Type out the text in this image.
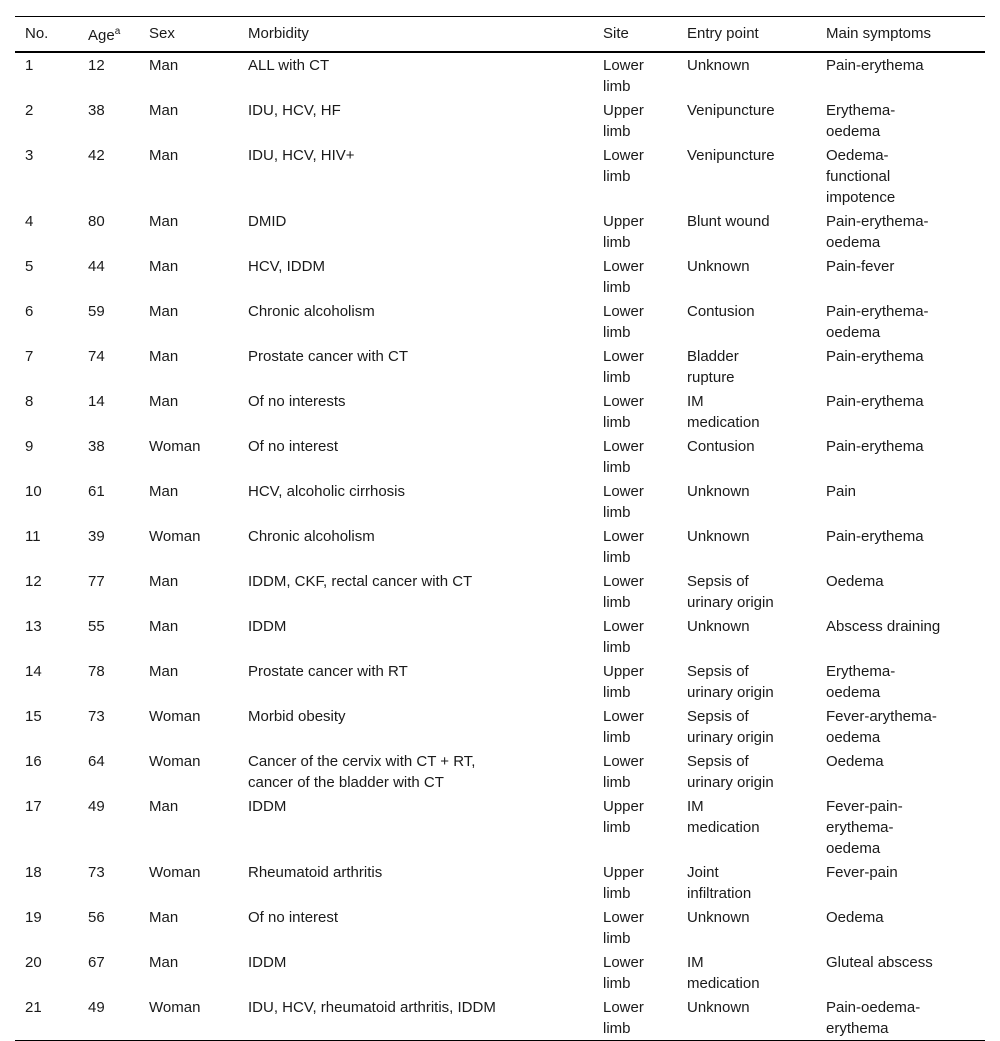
No.	Age$^a$	Sex	Morbidity	Site	Entry point	Main symptoms
1	12	Man	ALL with CT	Lower
limb	Unknown	Pain-erythema
2	38	Man	IDU, HCV, HF	Upper
limb	Venipuncture	Erythema-
oedema
3	42	Man	IDU, HCV, HIV+	Lower
limb	Venipuncture	Oedema-
functional
impotence
4	80	Man	DMID	Upper
limb	Blunt wound	Pain-erythema-
oedema
5	44	Man	HCV, IDDM	Lower
limb	Unknown	Pain-fever
6	59	Man	Chronic alcoholism	Lower
limb	Contusion	Pain-erythema-
oedema
7	74	Man	Prostate cancer with CT	Lower
limb	Bladder
rupture	Pain-erythema
8	14	Man	Of no interests	Lower
limb	IM
medication	Pain-erythema
9	38	Woman	Of no interest	Lower
limb	Contusion	Pain-erythema
10	61	Man	HCV, alcoholic cirrhosis	Lower
limb	Unknown	Pain
11	39	Woman	Chronic alcoholism	Lower
limb	Unknown	Pain-erythema
12	77	Man	IDDM, CKF, rectal cancer with CT	Lower
limb	Sepsis of
urinary origin	Oedema
13	55	Man	IDDM	Lower
limb	Unknown	Abscess draining
14	78	Man	Prostate cancer with RT	Upper
limb	Sepsis of
urinary origin	Erythema-
oedema
15	73	Woman	Morbid obesity	Lower
limb	Sepsis of
urinary origin	Fever-arythema-
oedema
16	64	Woman	Cancer of the cervix with CT + RT,
cancer of the bladder with CT	Lower
limb	Sepsis of
urinary origin	Oedema
17	49	Man	IDDM	Upper
limb	IM
medication	Fever-pain-
erythema-
oedema
18	73	Woman	Rheumatoid arthritis	Upper
limb	Joint
infiltration	Fever-pain
19	56	Man	Of no interest	Lower
limb	Unknown	Oedema
20	67	Man	IDDM	Lower
limb	IM
medication	Gluteal abscess
21	49	Woman	IDU, HCV, rheumatoid arthritis, IDDM	Lower
limb	Unknown	Pain-oedema-
erythema
